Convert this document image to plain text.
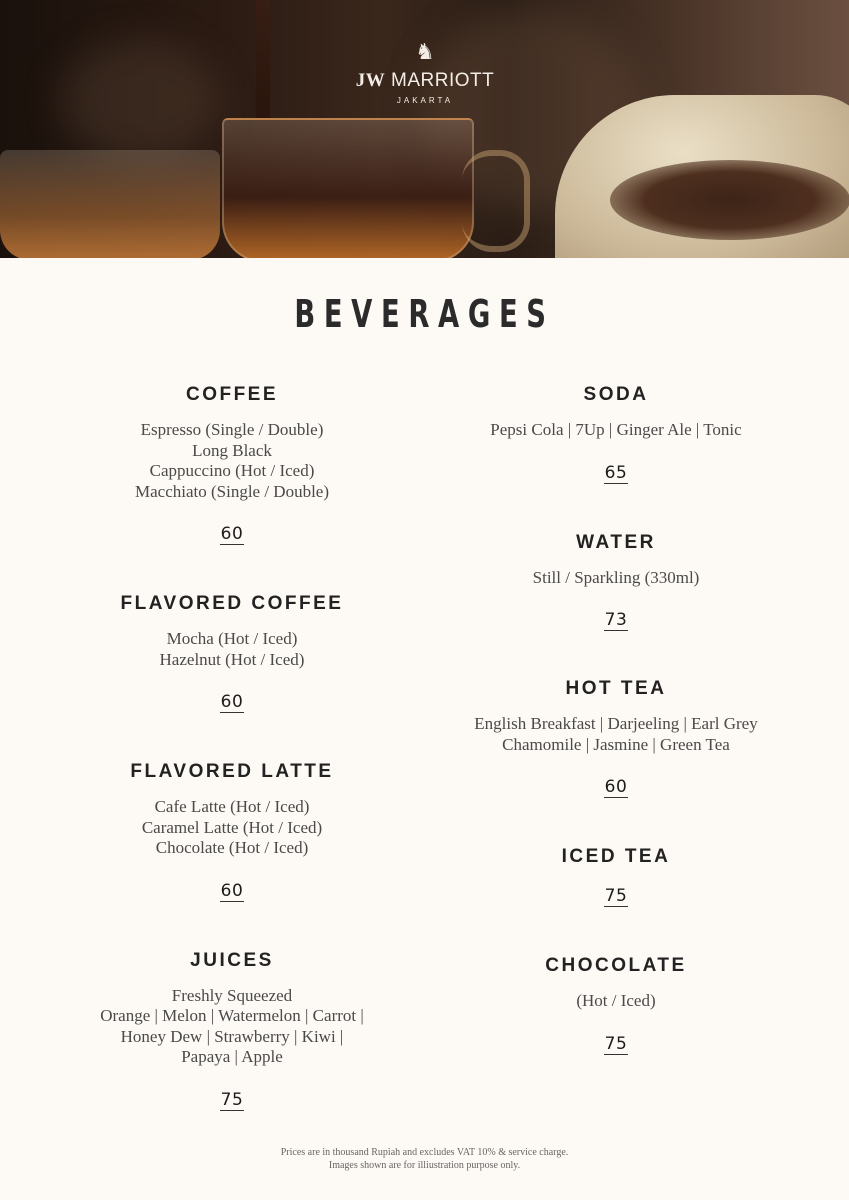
♞
JW MARRIOTT
JAKARTA
BEVERAGES
COFFEE
Espresso (Single / Double)
Long Black
Cappuccino (Hot / Iced)
Macchiato (Single / Double)
60
FLAVORED COFFEE
Mocha (Hot / Iced)
Hazelnut (Hot / Iced)
60
FLAVORED LATTE
Cafe Latte (Hot / Iced)
Caramel Latte (Hot / Iced)
Chocolate (Hot / Iced)
60
JUICES
Freshly Squeezed
Orange | Melon | Watermelon | Carrot |
Honey Dew | Strawberry | Kiwi |
Papaya | Apple
75
SODA
Pepsi Cola | 7Up | Ginger Ale | Tonic
65
WATER
Still / Sparkling (330ml)
73
HOT TEA
English Breakfast | Darjeeling | Earl Grey
Chamomile | Jasmine | Green Tea
60
ICED TEA
75
CHOCOLATE
(Hot / Iced)
75
Prices are in thousand Rupiah and excludes VAT 10% & service charge.
Images shown are for illiustration purpose only.
